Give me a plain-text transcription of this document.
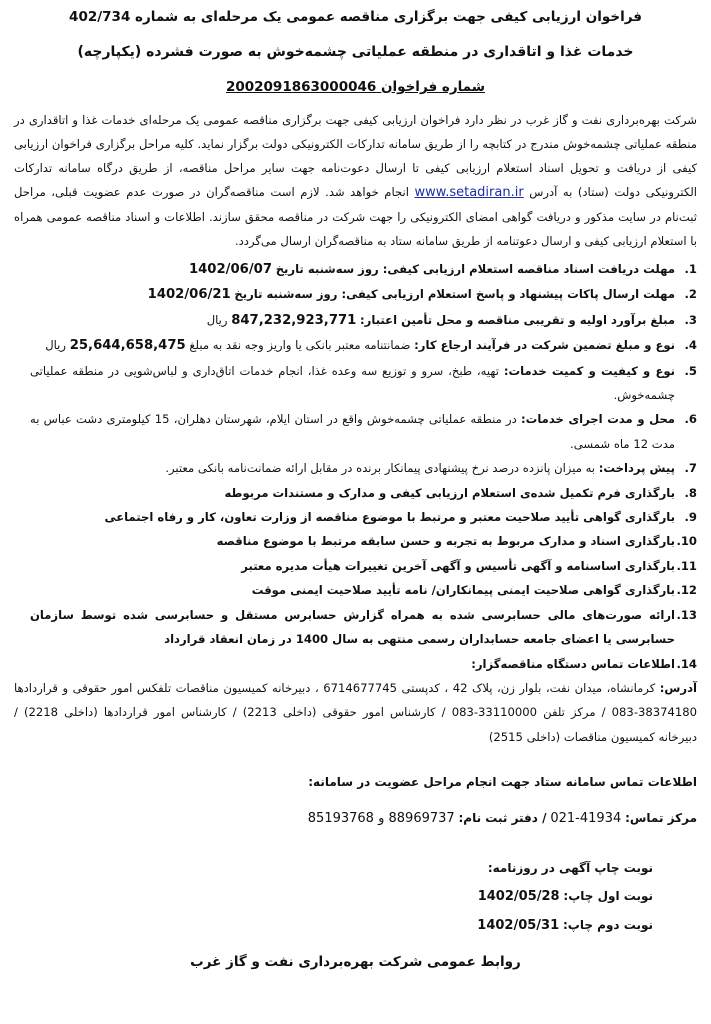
فراخوان ارزیابی کیفی جهت برگزاری مناقصه عمومی یک مرحله‌ای به شماره 402/734

خدمات غذا و اتاقداری در منطقه عملیاتی چشمه‌خوش به صورت فشرده (یکپارچه)

شماره فراخوان 2002091863000046

شرکت بهره‌برداری نفت و گاز غرب در نظر دارد فراخوان ارزیابی کیفی جهت برگزاری مناقصه عمومی یک مرحله‌ای خدمات غذا و اتاقداری در منطقه عملیاتی چشمه‌خوش مندرج در کتابچه را از طریق سامانه تدارکات الکترونیکی دولت برگزار نماید. کلیه مراحل برگزاری فراخوان ارزیابی کیفی از دریافت و تحویل اسناد استعلام ارزیابی کیفی تا ارسال دعوت‌نامه جهت سایر مراحل مناقصه، از طریق درگاه سامانه تدارکات الکترونیکی دولت (ستاد) به آدرس www.setadiran.ir انجام خواهد شد. لازم است مناقصه‌گران در صورت عدم عضویت قبلی، مراحل ثبت‌نام در سایت مذکور و دریافت گواهی امضای الکترونیکی را جهت شرکت در مناقصه محقق سازند. اطلاعات و اسناد مناقصه عمومی همراه با استعلام ارزیابی کیفی و ارسال دعوتنامه از طریق سامانه ستاد به مناقصه‌گران ارسال می‌گردد.

1.
مهلت دریافت اسناد مناقصه استعلام ارزیابی کیفی: روز ‌سه‌شنبه تاریخ 1402/06/07
2.
مهلت ارسال پاکات پیشنهاد و پاسخ استعلام ارزیابی کیفی: روز سه‌شنبه تاریخ 1402/06/21
3.
مبلغ برآورد اولیه و تقریبی مناقصه و محل تأمین اعتبار: 847,232,923,771 ریال
4.
نوع و مبلغ تضمین شرکت در فرآیند ارجاع کار: ضمانتنامه معتبر بانکی یا واریز وجه نقد به مبلغ 25,644,658,475 ریال
5.
نوع و کیفیت و کمیت خدمات: تهیه، طبخ، سرو و توزیع سه وعده غذا، انجام خدمات اتاق‌داری و لباس‌شویی در منطقه عملیاتی چشمه‌خوش.
6.
محل و مدت اجرای خدمات: در منطقه عملیاتی چشمه‌خوش واقع در استان ایلام، شهرستان دهلران، 15 کیلومتری دشت عباس به مدت 12 ماه شمسی.
7.
پیش پرداخت: به میزان پانزده درصد نرخ پیشنهادی پیمانکار برنده در مقابل ارائه ضمانت‌نامه بانکی معتبر.
8.
بارگذاری فرم تکمیل شده‌ی استعلام ارزیابی کیفی و مدارک و مستندات مربوطه
9.
بارگذاری گواهی تأیید صلاحیت معتبر و مرتبط با موضوع مناقصه از وزارت تعاون، کار و رفاه اجتماعی
10.
بارگذاری اسناد و مدارک مربوط به تجربه و حسن سابقه مرتبط با موضوع مناقصه
11.
بارگذاری اساسنامه و آگهی تأسیس و آگهی آخرین تغییرات هیأت مدیره معتبر
12.
بارگذاری گواهی صلاحیت ایمنی پیمانکاران/ نامه تأیید صلاحیت ایمنی موقت
13.
ارائه صورت‌های مالی حسابرسی شده به همراه گزارش حسابرس مستقل و حسابرسی شده توسط سازمان حسابرسی یا اعضای جامعه حسابداران رسمی منتهی به سال 1400 در زمان انعقاد قرارداد
14.
اطلاعات تماس دستگاه مناقصه‌گزار:

آدرس: کرمانشاه، میدان نفت، بلوار زن، پلاک 42 ، کدپستی 6714677745 ، دبیرخانه کمیسیون مناقصات تلفکس امور حقوقی و قراردادها 38374180-083 / مرکز تلفن 33110000-083 / کارشناس امور حقوقی (داخلی 2213) / کارشناس امور قراردادها (داخلی 2218) / دبیرخانه کمیسیون مناقصات (داخلی 2515)

اطلاعات تماس سامانه ستاد جهت انجام مراحل عضویت در سامانه:

مرکز تماس: 41934-021 / دفتر ثبت نام: 88969737 و 85193768

نوبت چاپ آگهی در روزنامه:
نوبت اول چاپ: 1402/05/28
نوبت دوم چاپ: 1402/05/31
روابط عمومی شرکت بهره‌برداری نفت و گاز غرب
